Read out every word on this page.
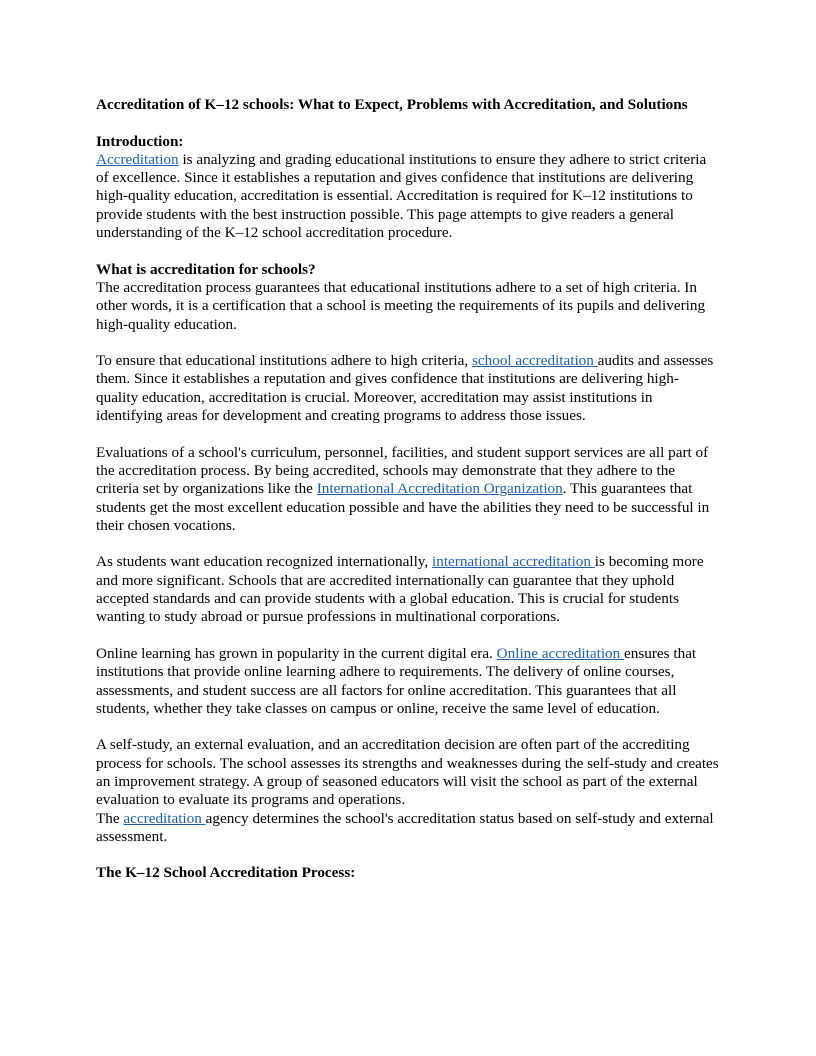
Accreditation of K–12 schools: What to Expect, Problems with Accreditation, and Solutions
Introduction:

Accreditation is analyzing and grading educational institutions to ensure they adhere to strict criteria of excellence. Since it establishes a reputation and gives confidence that institutions are delivering high-quality education, accreditation is essential. Accreditation is required for K–12 institutions to provide students with the best instruction possible. This page attempts to give readers a general understanding of the K–12 school accreditation procedure.

What is accreditation for schools?

The accreditation process guarantees that educational institutions adhere to a set of high criteria. In other words, it is a certification that a school is meeting the requirements of its pupils and delivering high-quality education.

To ensure that educational institutions adhere to high criteria, school accreditation audits and assesses them. Since it establishes a reputation and gives confidence that institutions are delivering high-quality education, accreditation is crucial. Moreover, accreditation may assist institutions in identifying areas for development and creating programs to address those issues.

Evaluations of a school's curriculum, personnel, facilities, and student support services are all part of the accreditation process. By being accredited, schools may demonstrate that they adhere to the criteria set by organizations like the International Accreditation Organization. This guarantees that students get the most excellent education possible and have the abilities they need to be successful in their chosen vocations.

As students want education recognized internationally, international accreditation is becoming more and more significant. Schools that are accredited internationally can guarantee that they uphold accepted standards and can provide students with a global education. This is crucial for students wanting to study abroad or pursue professions in multinational corporations.

Online learning has grown in popularity in the current digital era. Online accreditation ensures that institutions that provide online learning adhere to requirements. The delivery of online courses, assessments, and student success are all factors for online accreditation. This guarantees that all students, whether they take classes on campus or online, receive the same level of education.

A self-study, an external evaluation, and an accreditation decision are often part of the accrediting process for schools. The school assesses its strengths and weaknesses during the self-study and creates an improvement strategy. A group of seasoned educators will visit the school as part of the external evaluation to evaluate its programs and operations.

The accreditation agency determines the school's accreditation status based on self-study and external assessment.

The K–12 School Accreditation Process:
